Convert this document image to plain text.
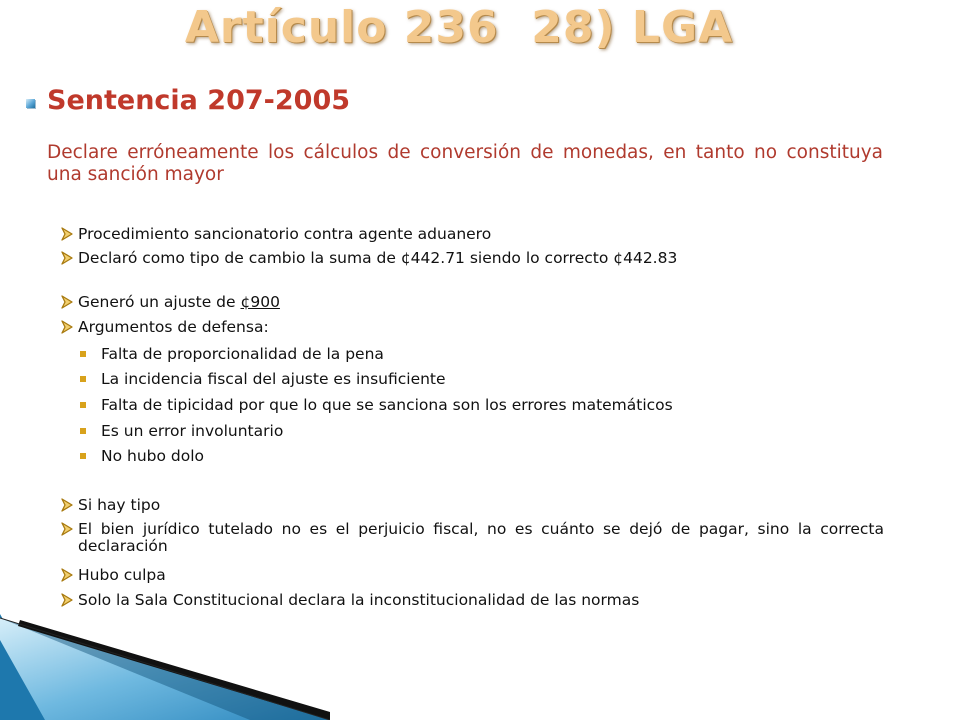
Artículo 236  28) LGA
Sentencia 207-2005
Declare erróneamente los cálculos de conversión de monedas, en tanto no constituya una sanción mayor
Procedimiento sancionatorio contra agente aduanero
Declaró como tipo de cambio la suma de ¢442.71 siendo lo correcto ¢442.83
Generó un ajuste de ¢900
Argumentos de defensa:
Falta de proporcionalidad de la pena
La incidencia fiscal del ajuste es insuficiente
Falta de tipicidad por que lo que se sanciona son los errores matemáticos
Es un error involuntario
No hubo dolo
Si hay tipo
El bien jurídico tutelado no es el perjuicio fiscal, no es cuánto se dejó de pagar, sino la correcta declaración
Hubo culpa
Solo la Sala Constitucional declara la inconstitucionalidad de las normas
